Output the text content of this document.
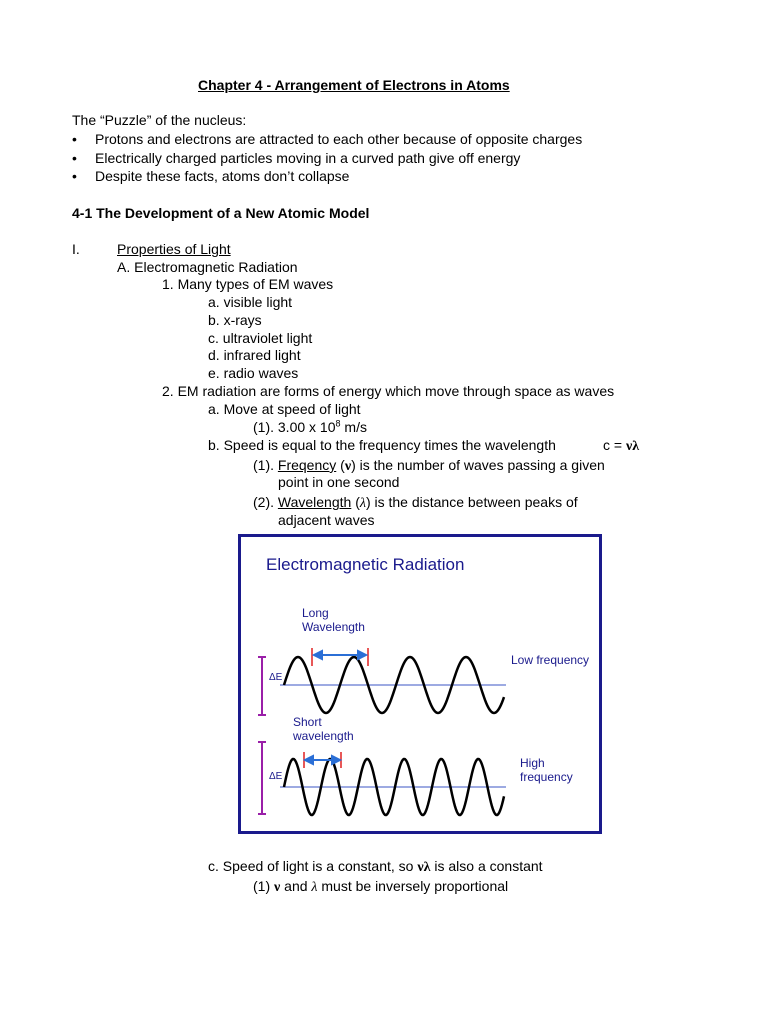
Chapter 4 - Arrangement of Electrons in Atoms
The “Puzzle” of the nucleus:
• Protons and electrons are attracted to each other because of opposite charges
• Electrically charged particles moving in a curved path give off energy
• Despite these facts, atoms don’t collapse
4-1 The Development of a New Atomic Model
I.	Properties of Light
A. Electromagnetic Radiation
1. Many types of EM waves
a. visible light
b. x-rays
c. ultraviolet light
d. infrared light
e. radio waves
2. EM radiation are forms of energy which move through space as waves
a. Move at speed of light
(1). 3.00 x $10^8$ m/s
b. Speed is equal to the frequency times the wavelength	c = νλ
(1). Freqency (ν) is the number of waves passing a given
point in one second
(2). Wavelength (λ) is the distance between peaks of
adjacent waves
Electromagnetic Radiation
Long
Wavelength
Low frequency
Short
wavelength
High
frequency
ΔE
ΔE
c. Speed of light is a constant, so νλ is also a constant
(1) ν and λ must be inversely proportional
